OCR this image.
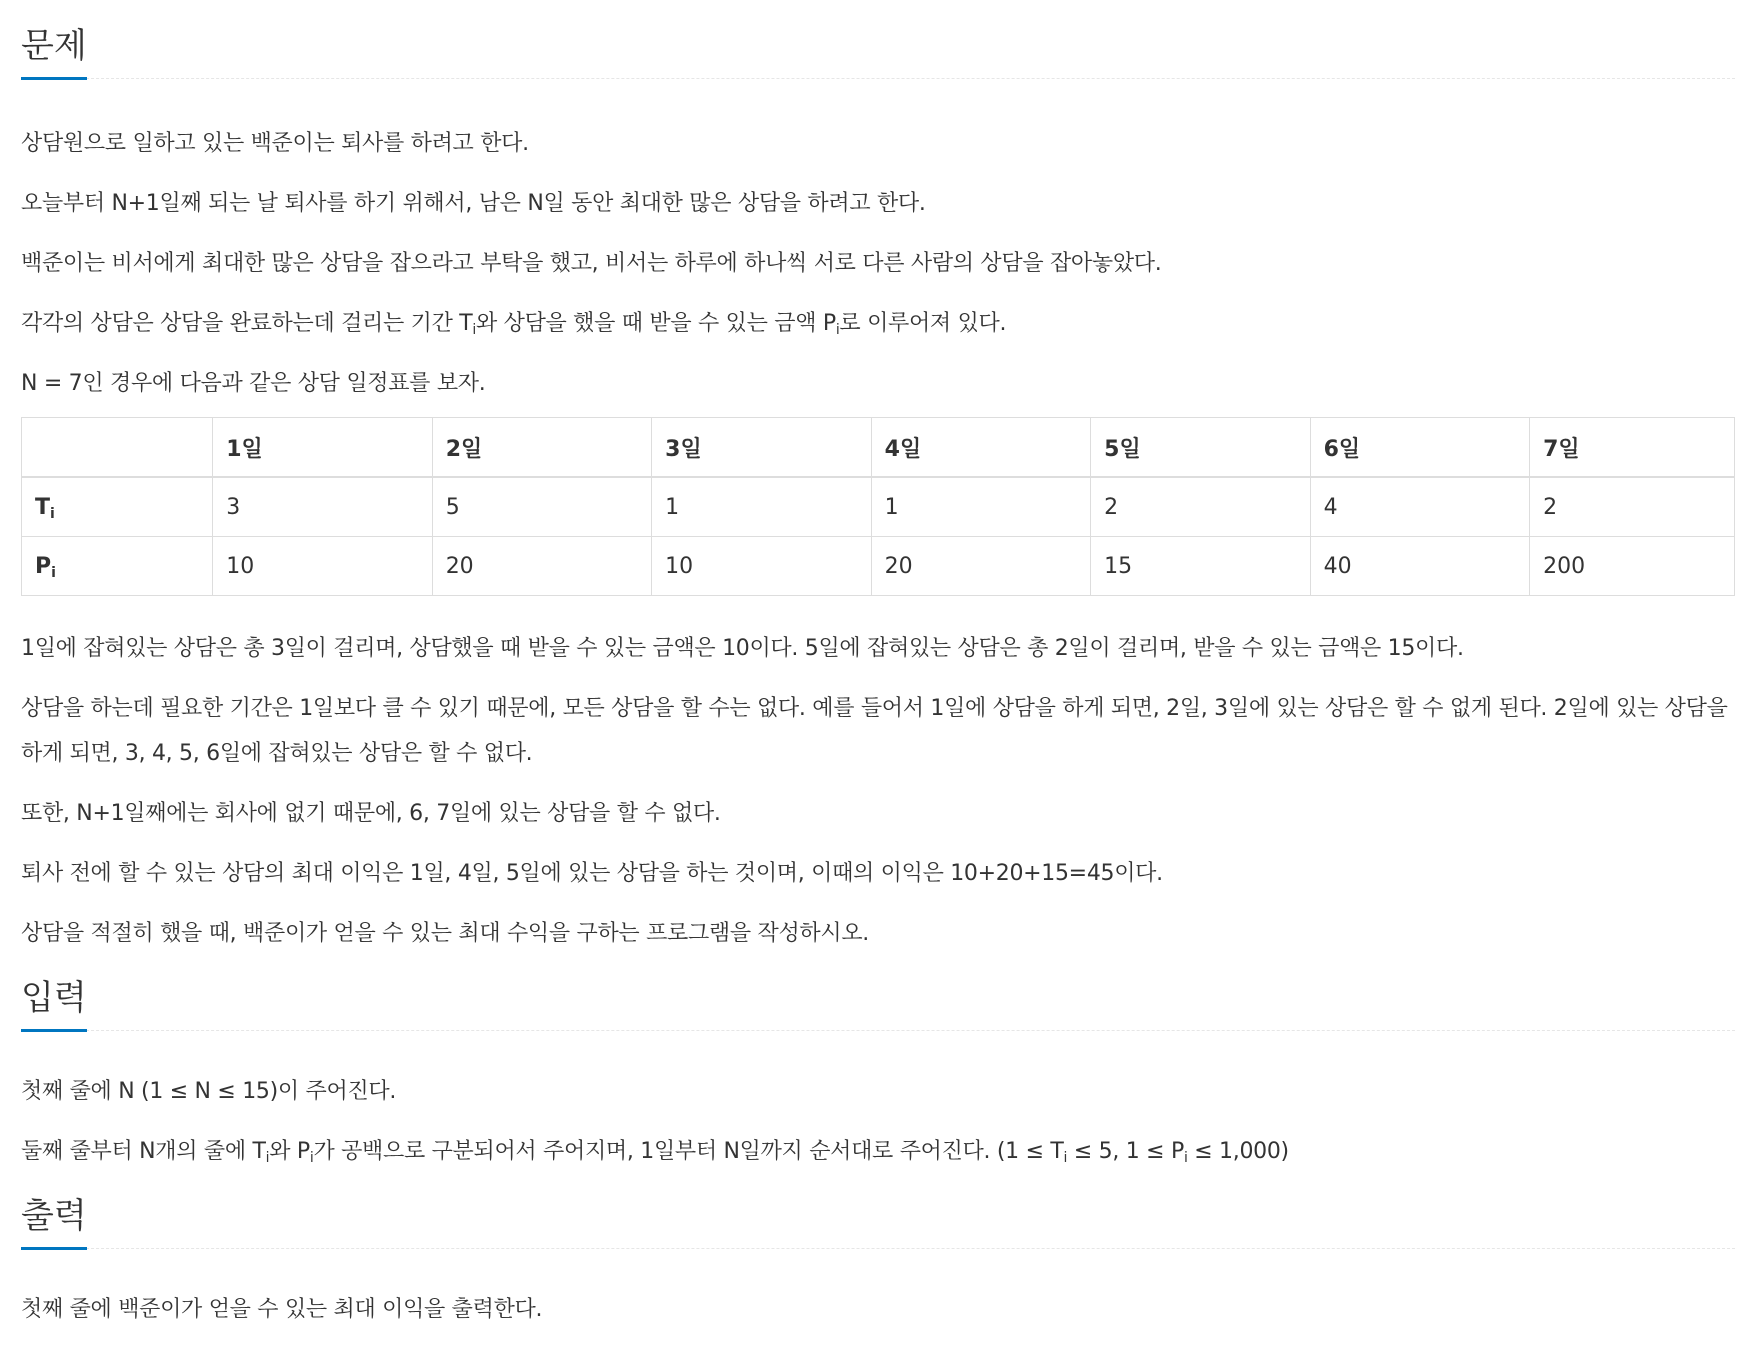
문제

상담원으로 일하고 있는 백준이는 퇴사를 하려고 한다.

오늘부터 N+1일째 되는 날 퇴사를 하기 위해서, 남은 N일 동안 최대한 많은 상담을 하려고 한다.

백준이는 비서에게 최대한 많은 상담을 잡으라고 부탁을 했고, 비서는 하루에 하나씩 서로 다른 사람의 상담을 잡아놓았다.

각각의 상담은 상담을 완료하는데 걸리는 기간 $T_i$와 상담을 했을 때 받을 수 있는 금액 $P_i$로 이루어져 있다.

N = 7인 경우에 다음과 같은 상담 일정표를 보자.

	1일	2일	3일	4일	5일	6일	7일
$T_i$	3	5	1	1	2	4	2
$P_i$	10	20	10	20	15	40	200

1일에 잡혀있는 상담은 총 3일이 걸리며, 상담했을 때 받을 수 있는 금액은 10이다. 5일에 잡혀있는 상담은 총 2일이 걸리며, 받을 수 있는 금액은 15이다.

상담을 하는데 필요한 기간은 1일보다 클 수 있기 때문에, 모든 상담을 할 수는 없다. 예를 들어서 1일에 상담을 하게 되면, 2일, 3일에 있는 상담은 할 수 없게 된다. 2일에 있는 상담을 하게 되면, 3, 4, 5, 6일에 잡혀있는 상담은 할 수 없다.

또한, N+1일째에는 회사에 없기 때문에, 6, 7일에 있는 상담을 할 수 없다.

퇴사 전에 할 수 있는 상담의 최대 이익은 1일, 4일, 5일에 있는 상담을 하는 것이며, 이때의 이익은 10+20+15=45이다.

상담을 적절히 했을 때, 백준이가 얻을 수 있는 최대 수익을 구하는 프로그램을 작성하시오.

입력

첫째 줄에 N (1 ≤ N ≤ 15)이 주어진다.

둘째 줄부터 N개의 줄에 $T_i$와 $P_i$가 공백으로 구분되어서 주어지며, 1일부터 N일까지 순서대로 주어진다. ($1 \le T_i \le 5$, $1 \le P_i \le 1,000$)

출력

첫째 줄에 백준이가 얻을 수 있는 최대 이익을 출력한다.
